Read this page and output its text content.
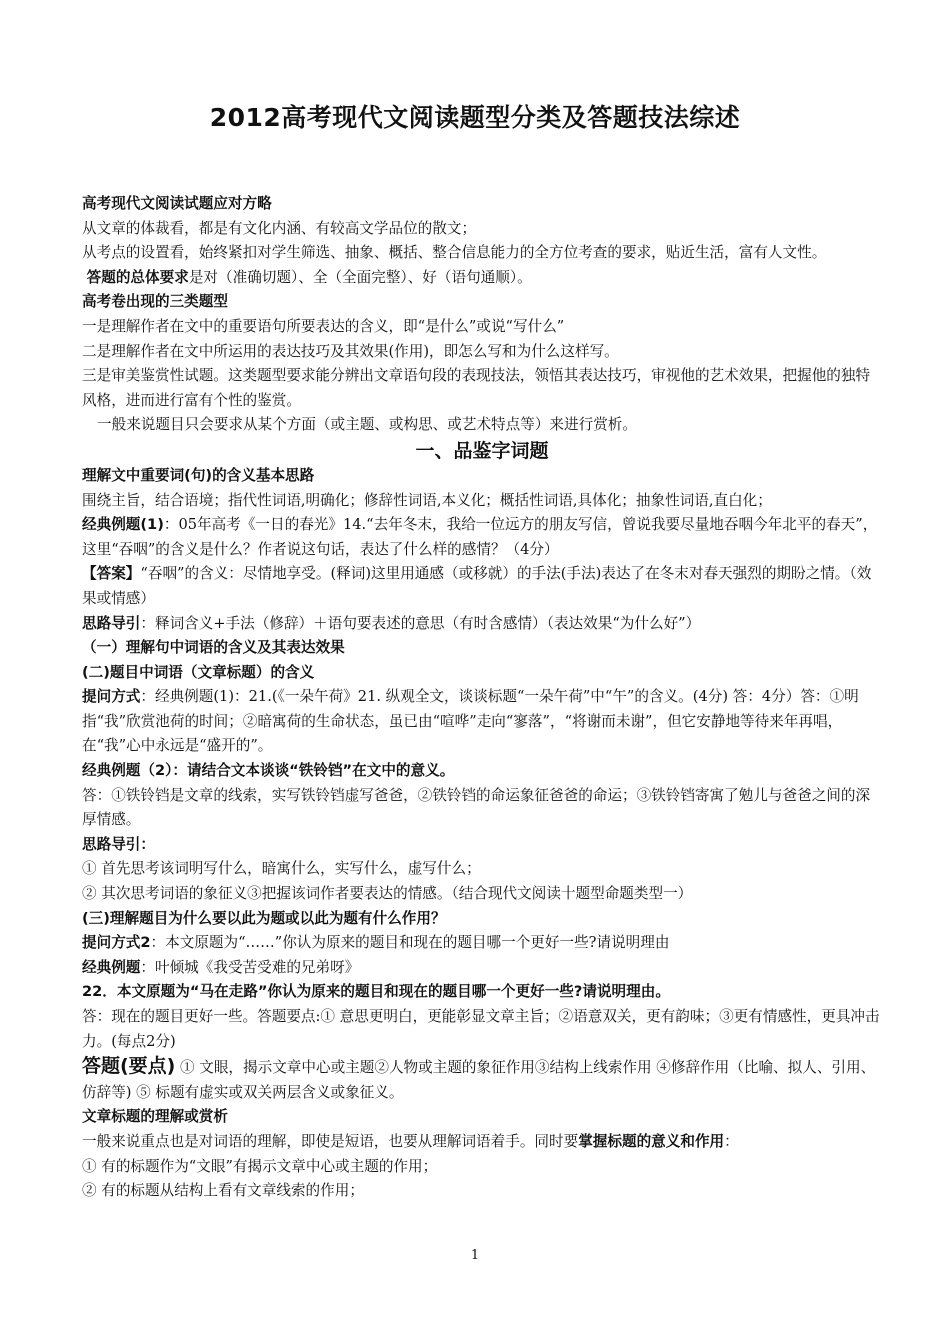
2012高考现代文阅读题型分类及答题技法综述

高考现代文阅读试题应对方略

从文章的体裁看，都是有文化内涵、有较高文学品位的散文；

从考点的设置看，始终紧扣对学生筛选、抽象、概括、整合信息能力的全方位考查的要求，贴近生活，富有人文性。

答题的总体要求是对（准确切题）、全（全面完整）、好（语句通顺）。

高考卷出现的三类题型

一是理解作者在文中的重要语句所要表达的含义，即“是什么”或说“写什么”

二是理解作者在文中所运用的表达技巧及其效果(作用)，即怎么写和为什么这样写。

三是审美鉴赏性试题。这类题型要求能分辨出文章语句段的表现技法，领悟其表达技巧，审视他的艺术效果，把握他的独特风格，进而进行富有个性的鉴赏。

一般来说题目只会要求从某个方面（或主题、或构思、或艺术特点等）来进行赏析。

一、品鉴字词题

理解文中重要词(句)的含义基本思路

围绕主旨，结合语境；指代性词语,明确化；修辞性词语,本义化；概括性词语,具体化；抽象性词语,直白化；

经典例题(1)：05年高考《一日的春光》14.“去年冬末，我给一位远方的朋友写信，曾说我要尽量地吞咽今年北平的春天”，这里“吞咽”的含义是什么？作者说这句话，表达了什么样的感情？（4分）

【答案】“吞咽”的含义：尽情地享受。(释词)这里用通感（或移就）的手法(手法)表达了在冬末对春天强烈的期盼之情。（效果或情感）

思路导引：释词含义+手法（修辞）＋语句要表述的意思（有时含感情）（表达效果“为什么好”）

（一）理解句中词语的含义及其表达效果

(二)题目中词语（文章标题）的含义

提问方式：经典例题(1)：21.(《一朵午荷》21. 纵观全文，谈谈标题“一朵午荷”中“午”的含义。(4分) 答：4分）答：①明指“我”欣赏池荷的时间；②暗寓荷的生命状态，虽已由“喧哗”走向“寥落”，“将谢而未谢”，但它安静地等待来年再唱，在“我”心中永远是“盛开的”。

经典例题（2）：请结合文本谈谈“铁铃铛”在文中的意义。

答：①铁铃铛是文章的线索，实写铁铃铛虚写爸爸，②铁铃铛的命运象征爸爸的命运；③铁铃铛寄寓了勉儿与爸爸之间的深厚情感。

思路导引：

① 首先思考该词明写什么，暗寓什么，实写什么，虚写什么；

② 其次思考词语的象征义③把握该词作者要表达的情感。（结合现代文阅读十题型命题类型一）

(三)理解题目为什么要以此为题或以此为题有什么作用？

提问方式2：本文原题为“……”你认为原来的题目和现在的题目哪一个更好一些?请说明理由

经典例题：叶倾城《我受苦受难的兄弟呀》

22．本文原题为“马在走路”你认为原来的题目和现在的题目哪一个更好一些?请说明理由。

答：现在的题目更好一些。答题要点:① 意思更明白，更能彰显文章主旨；②语意双关，更有韵味；③更有情感性，更具冲击力。(每点2分)

答题(要点) ① 文眼，揭示文章中心或主题②人物或主题的象征作用③结构上线索作用 ④修辞作用（比喻、拟人、引用、仿辞等) ⑤ 标题有虚实或双关两层含义或象征义。

文章标题的理解或赏析

一般来说重点也是对词语的理解，即使是短语，也要从理解词语着手。同时要掌握标题的意义和作用：

① 有的标题作为“文眼”有揭示文章中心或主题的作用；

② 有的标题从结构上看有文章线索的作用；

1
